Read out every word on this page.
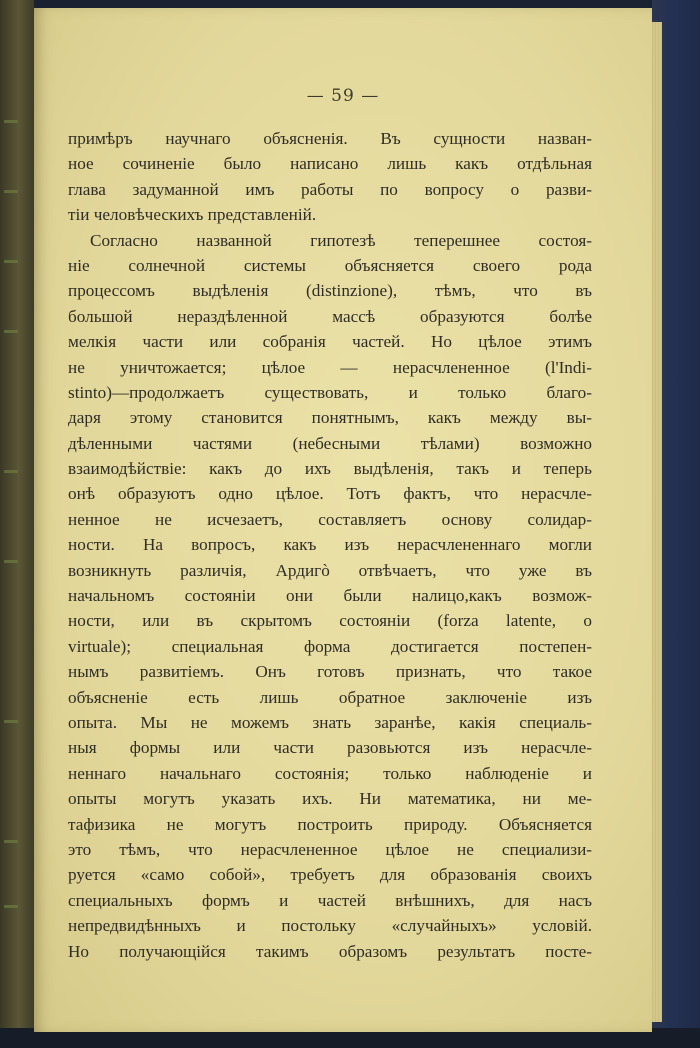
— 59 —
примѣръ научнаго объясненія. Въ сущности назван-
ное сочиненіе было написано лишь какъ отдѣльная
глава задуманной имъ работы по вопросу о разви-
тіи человѣческихъ представленій.
Согласно названной гипотезѣ теперешнее состоя-
ніе солнечной системы объясняется своего рода
процессомъ выдѣленія (distinzione), тѣмъ, что въ
большой нераздѣленной массѣ образуются болѣе
мелкія части или собранія частей. Но цѣлое этимъ
не уничтожается; цѣлое — нерасчлененное (l'Indi-
stinto)—продолжаетъ существовать, и только благо-
даря этому становится понятнымъ, какъ между вы-
дѣленными частями (небесными тѣлами) возможно
взаимодѣйствіе: какъ до ихъ выдѣленія, такъ и теперь
онѣ образуютъ одно цѣлое. Тотъ фактъ, что нерасчле-
ненное не исчезаетъ, составляетъ основу солидар-
ности. На вопросъ, какъ изъ нерасчлененнаго могли
возникнуть различія, Ардигò отвѣчаетъ, что уже въ
начальномъ состояніи они были налицо,какъ возмож-
ности, или въ скрытомъ состояніи (forza latente, o
virtuale); специальная форма достигается постепен-
нымъ развитіемъ. Онъ готовъ признать, что такое
объясненіе есть лишь обратное заключеніе изъ
опыта. Мы не можемъ знать заранѣе, какія специаль-
ныя формы или части разовьются изъ нерасчле-
неннаго начальнаго состоянія; только наблюденіе и
опыты могутъ указать ихъ. Ни математика, ни ме-
тафизика не могутъ построить природу. Объясняется
это тѣмъ, что нерасчлененное цѣлое не специализи-
руется «само собой», требуетъ для образованія своихъ
специальныхъ формъ и частей внѣшнихъ, для насъ
непредвидѣнныхъ и постольку «случайныхъ» условій.
Но получающійся такимъ образомъ результатъ посте-
